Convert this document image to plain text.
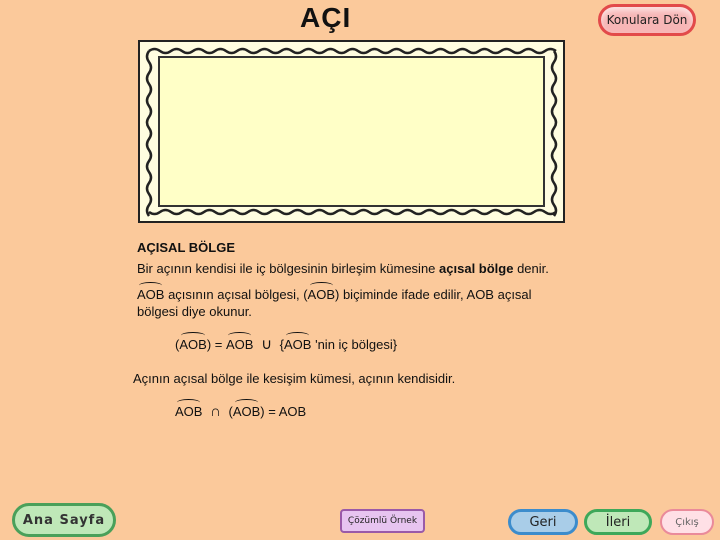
AÇI	Konulara Dön
AÇISAL BÖLGE
Bir açının kendisi ile iç bölgesinin birleşim kümesine açısal bölge denir.
AOB açısının açısal bölgesi, (AOB) biçiminde ifade edilir, AOB açısal
bölgesi diye okunur.
(AOB) = AOB ∪ {AOB 'nin iç bölgesi}
Açının açısal bölge ile kesişim kümesi, açının kendisidir.
AOB ∩ (AOB) = AOB
Ana Sayfa	Çözümlü Örnek	Geri	İleri	Çıkış
